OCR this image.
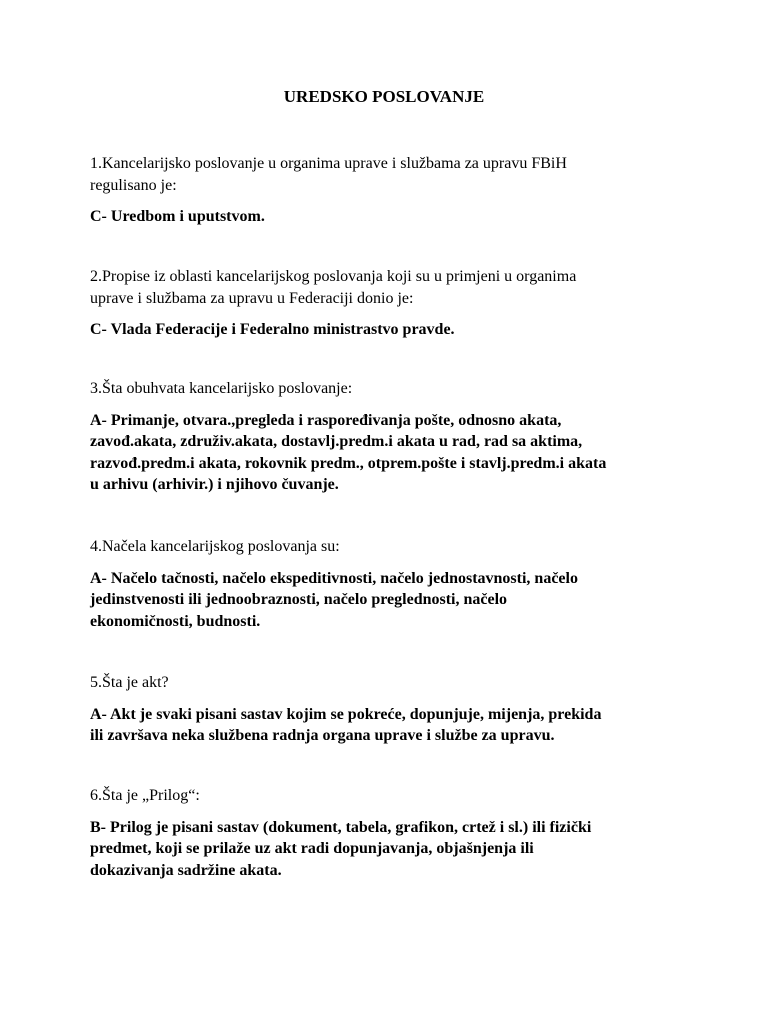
UREDSKO POSLOVANJE

1.Kancelarijsko poslovanje u organima uprave i službama za upravu FBiH
regulisano je:

C- Uredbom i uputstvom.

2.Propise iz oblasti kancelarijskog poslovanja koji su u primjeni u organima
uprave i službama za upravu u Federaciji donio je:

C- Vlada Federacije i Federalno ministrastvo pravde.

3.Šta obuhvata kancelarijsko poslovanje:

A- Primanje, otvara.,pregleda i raspoređivanja pošte, odnosno akata,
zavođ.akata, združiv.akata, dostavlj.predm.i akata u rad, rad sa aktima,
razvođ.predm.i akata, rokovnik predm., otprem.pošte i stavlj.predm.i akata
u arhivu (arhivir.) i njihovo čuvanje.

4.Načela kancelarijskog poslovanja su:

A- Načelo tačnosti, načelo ekspeditivnosti, načelo jednostavnosti, načelo
jedinstvenosti ili jednoobraznosti, načelo preglednosti, načelo
ekonomičnosti, budnosti.

5.Šta je akt?

A- Akt je svaki pisani sastav kojim se pokreće, dopunjuje, mijenja, prekida
ili završava neka službena radnja organa uprave i službe za upravu.

6.Šta je „Prilog“:

B- Prilog je pisani sastav (dokument, tabela, grafikon, crtež i sl.) ili fizički
predmet, koji se prilaže uz akt radi dopunjavanja, objašnjenja ili
dokazivanja sadržine akata.
